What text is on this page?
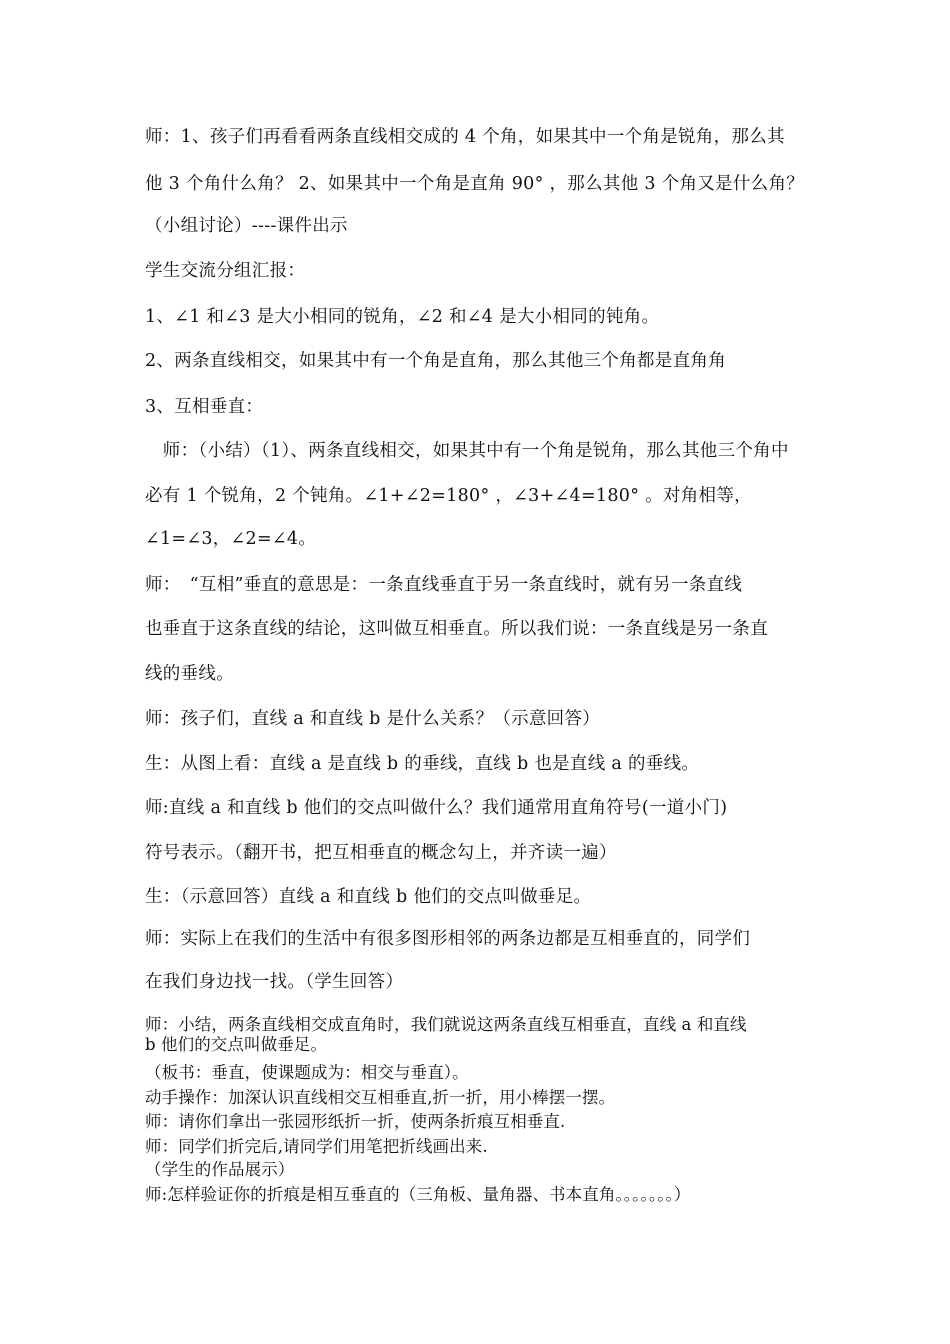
师：1、孩子们再看看两条直线相交成的 4 个角，如果其中一个角是锐角，那么其
他 3 个角什么角？ 2、如果其中一个角是直角 90° ，那么其他 3 个角又是什么角？
（小组讨论）----课件出示
学生交流分组汇报：
1、∠1 和∠3 是大小相同的锐角，∠2 和∠4 是大小相同的钝角。
2、两条直线相交，如果其中有一个角是直角，那么其他三个角都是直角角
3、互相垂直：
　师：（小结）（1）、两条直线相交，如果其中有一个角是锐角，那么其他三个角中
必有 1 个锐角，2 个钝角。∠1+∠2=180° ，∠3+∠4=180° 。对角相等，
∠1=∠3，∠2=∠4。
师：　“互相”垂直的意思是：一条直线垂直于另一条直线时，就有另一条直线
也垂直于这条直线的结论，这叫做互相垂直。所以我们说：一条直线是另一条直
线的垂线。
师：孩子们，直线 a 和直线 b 是什么关系？（示意回答）
生：从图上看：直线 a 是直线 b 的垂线，直线 b 也是直线 a 的垂线。
师:直线 a 和直线 b 他们的交点叫做什么？我们通常用直角符号(一道小门)
符号表示。（翻开书，把互相垂直的概念勾上，并齐读一遍）
生：（示意回答）直线 a 和直线 b 他们的交点叫做垂足。
师：实际上在我们的生活中有很多图形相邻的两条边都是互相垂直的，同学们
在我们身边找一找。（学生回答）
师：小结，两条直线相交成直角时，我们就说这两条直线互相垂直，直线 a 和直线
b 他们的交点叫做垂足。
（板书：垂直，使课题成为：相交与垂直）。
动手操作：加深认识直线相交互相垂直,折一折，用小棒摆一摆。
师：请你们拿出一张园形纸折一折，使两条折痕互相垂直.
师：同学们折完后,请同学们用笔把折线画出来.
（学生的作品展示）
师:怎样验证你的折痕是相互垂直的（三角板、量角器、书本直角。。。。。。。）
